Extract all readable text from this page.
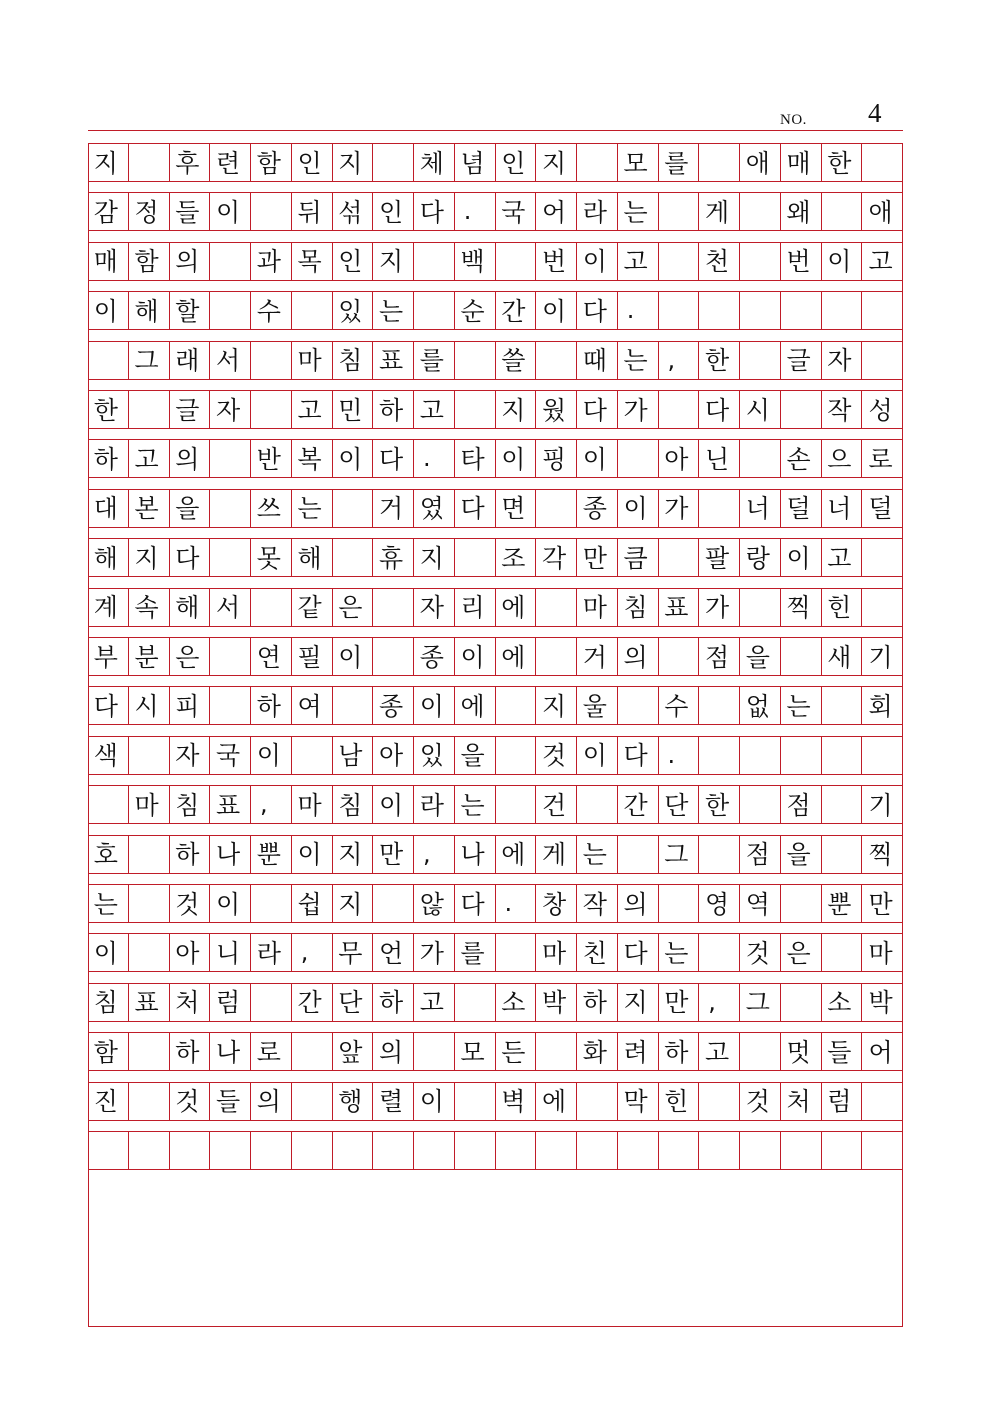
NO. 4
지	후 련 함 인 지	체 념 인 지	모 를	애 매 한
감 정 들 이	뒤 섞 인 다 .	국 어 라 는	게	왜	애
매 함 의	과 목 인 지	백	번 이 고	천	번 이 고
이 해 할	수	있 는	순 간 이 다 .
그 래 서	마 침 표 를	쓸	때 는 ,	한	글 자
한	글 자	고 민 하 고	지 웠 다 가	다 시	작 성
하 고 의	반 복 이 다 .	타 이 핑 이	아 닌	손 으 로
대 본 을	쓰 는	거 였 다 면	종 이 가	너 덜 너 덜
해 지 다	못 해	휴 지	조 각 만 큼	팔 랑 이 고
계 속 해 서	같 은	자 리 에	마 침 표 가	찍 힌
부 분 은	연 필 이	종 이 에	거 의	점 을	새 기
다 시 피	하 여	종 이 에	지 울	수	없 는	회
색	자 국 이	남 아 있 을	것 이 다 .
마 침 표 ,	마 침 이 라 는	건	간 단 한	점	기
호	하 나 뿐 이 지 만 ,	나 에 게 는	그	점 을	찍
는	것 이	쉽 지	않 다 .	창 작 의	영 역	뿐 만
이	아 니 라 ,	무 언 가 를	마 친 다 는	것 은	마
침 표 처 럼	간 단 하 고	소 박 하 지 만 ,	그	소 박
함	하 나 로	앞 의	모 든	화 려 하 고	멋 들 어
진	것 들 의	행 렬 이	벽 에	막 힌	것 처 럼
